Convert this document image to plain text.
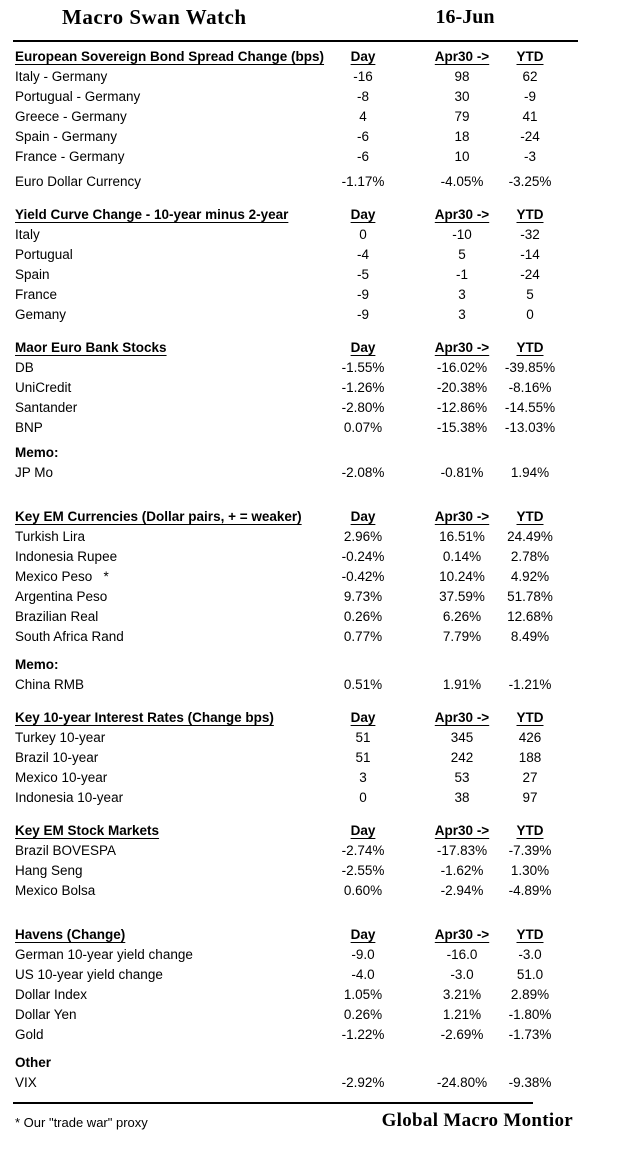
Macro Swan Watch	16-Jun
European Sovereign Bond Spread Change (bps)	Day	Apr30 ->	YTD
Italy - Germany	-16	98	62
Portugual - Germany	-8	30	-9
Greece - Germany	4	79	41
Spain - Germany	-6	18	-24
France - Germany	-6	10	-3
Euro Dollar Currency	-1.17%	-4.05%	-3.25%
Yield Curve Change - 10-year minus 2-year	Day	Apr30 ->	YTD
Italy	0	-10	-32
Portugual	-4	5	-14
Spain	-5	-1	-24
France	-9	3	5
Gemany	-9	3	0
Maor Euro Bank Stocks	Day	Apr30 ->	YTD
DB	-1.55%	-16.02%	-39.85%
UniCredit	-1.26%	-20.38%	-8.16%
Santander	-2.80%	-12.86%	-14.55%
BNP	0.07%	-15.38%	-13.03%
Memo:
JP Mo	-2.08%	-0.81%	1.94%
Key EM Currencies (Dollar pairs, + = weaker)	Day	Apr30 ->	YTD
Turkish Lira	2.96%	16.51%	24.49%
Indonesia Rupee	-0.24%	0.14%	2.78%
Mexico Peso   *	-0.42%	10.24%	4.92%
Argentina Peso	9.73%	37.59%	51.78%
Brazilian Real	0.26%	6.26%	12.68%
South Africa Rand	0.77%	7.79%	8.49%
Memo:
China RMB	0.51%	1.91%	-1.21%
Key 10-year Interest Rates (Change bps)	Day	Apr30 ->	YTD
Turkey 10-year	51	345	426
Brazil 10-year	51	242	188
Mexico 10-year	3	53	27
Indonesia 10-year	0	38	97
Key EM Stock Markets	Day	Apr30 ->	YTD
Brazil BOVESPA	-2.74%	-17.83%	-7.39%
Hang Seng	-2.55%	-1.62%	1.30%
Mexico Bolsa	0.60%	-2.94%	-4.89%
Havens (Change)	Day	Apr30 ->	YTD
German 10-year yield change	-9.0	-16.0	-3.0
US 10-year yield change	-4.0	-3.0	51.0
Dollar Index	1.05%	3.21%	2.89%
Dollar Yen	0.26%	1.21%	-1.80%
Gold	-1.22%	-2.69%	-1.73%
Other
VIX	-2.92%	-24.80%	-9.38%
* Our "trade war" proxy	Global Macro Montior
